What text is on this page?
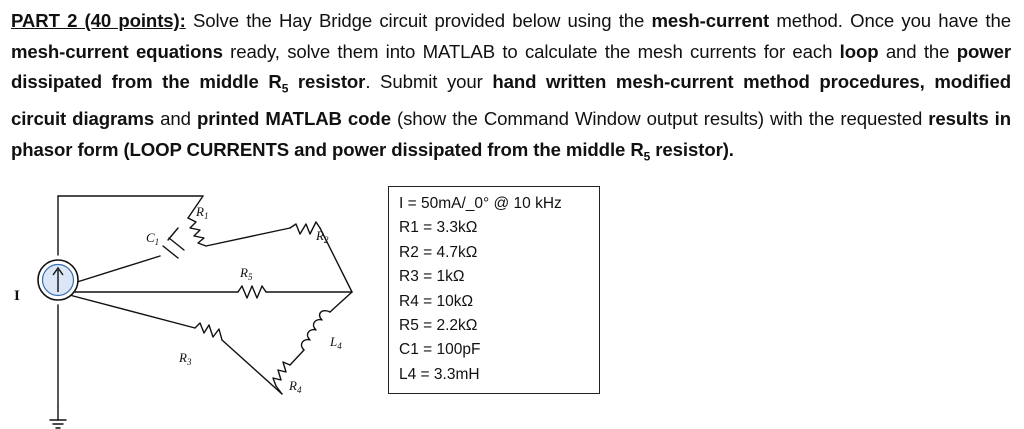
PART 2 (40 points): Solve the Hay Bridge circuit provided below using the mesh-current method. Once you have the mesh-current equations ready, solve them into MATLAB to calculate the mesh currents for each loop and the power dissipated from the middle $R_5$ resistor. Submit your hand written mesh-current method procedures, modified circuit diagrams and printed MATLAB code (show the Command Window output results) with the requested results in phasor form (LOOP CURRENTS and power dissipated from the middle $R_5$ resistor).
I
$R_1$
$C_1$
$R_5$
$R_2$
$R_3$
$L_4$
$R_4$
I = 50mA/_0° @ 10 kHz
R1 = 3.3kΩ
R2 = 4.7kΩ
R3 = 1kΩ
R4 = 10kΩ
R5 = 2.2kΩ
C1 = 100pF
L4 = 3.3mH
